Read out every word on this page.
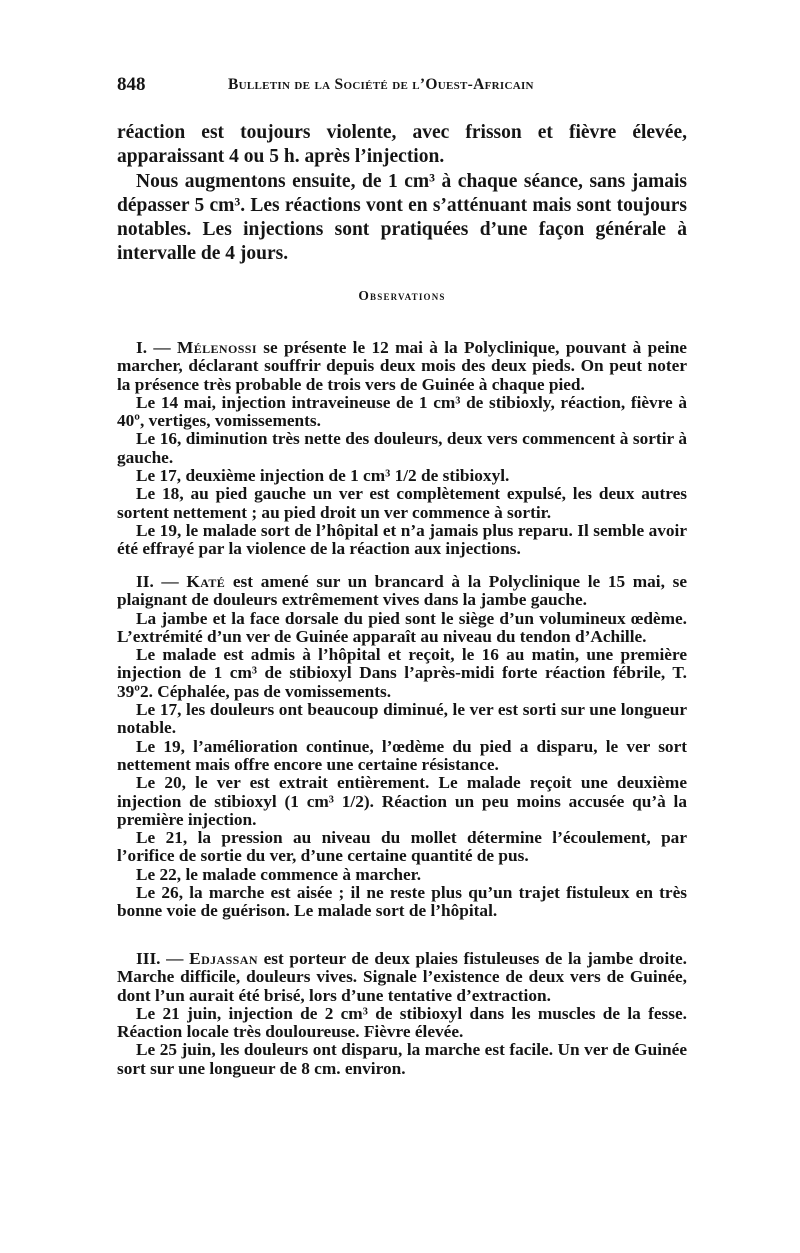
848	Bulletin de la Société de l’Ouest-Africain

réaction est toujours violente, avec frisson et fièvre élevée, apparaissant 4 ou 5 h. après l’injection.

Nous augmentons ensuite, de 1 cm³ à chaque séance, sans jamais dépasser 5 cm³. Les réactions vont en s’atténuant mais sont toujours notables. Les injections sont pratiquées d’une façon générale à intervalle de 4 jours.

Observations

I. — Mélenossi se présente le 12 mai à la Polyclinique, pouvant à peine marcher, déclarant souffrir depuis deux mois des deux pieds. On peut noter la présence très probable de trois vers de Guinée à chaque pied.

Le 14 mai, injection intraveineuse de 1 cm³ de stibioxly, réaction, fièvre à 40º, vertiges, vomissements.

Le 16, diminution très nette des douleurs, deux vers commencent à sortir à gauche.

Le 17, deuxième injection de 1 cm³ 1/2 de stibioxyl.

Le 18, au pied gauche un ver est complètement expulsé, les deux autres sortent nettement ; au pied droit un ver commence à sortir.

Le 19, le malade sort de l’hôpital et n’a jamais plus reparu. Il semble avoir été effrayé par la violence de la réaction aux injections.

II. — Katé est amené sur un brancard à la Polyclinique le 15 mai, se plaignant de douleurs extrêmement vives dans la jambe gauche.

La jambe et la face dorsale du pied sont le siège d’un volumineux œdème. L’extrémité d’un ver de Guinée apparaît au niveau du tendon d’Achille.

Le malade est admis à l’hôpital et reçoit, le 16 au matin, une première injection de 1 cm³ de stibioxyl Dans l’après-midi forte réaction fébrile, T. 39º2. Céphalée, pas de vomissements.

Le 17, les douleurs ont beaucoup diminué, le ver est sorti sur une longueur notable.

Le 19, l’amélioration continue, l’œdème du pied a disparu, le ver sort nettement mais offre encore une certaine résistance.

Le 20, le ver est extrait entièrement. Le malade reçoit une deuxième injection de stibioxyl (1 cm³ 1/2). Réaction un peu moins accusée qu’à la première injection.

Le 21, la pression au niveau du mollet détermine l’écoulement, par l’orifice de sortie du ver, d’une certaine quantité de pus.

Le 22, le malade commence à marcher.

Le 26, la marche est aisée ; il ne reste plus qu’un trajet fistuleux en très bonne voie de guérison. Le malade sort de l’hôpital.

III. — Edjassan est porteur de deux plaies fistuleuses de la jambe droite. Marche difficile, douleurs vives. Signale l’existence de deux vers de Guinée, dont l’un aurait été brisé, lors d’une tentative d’extraction.

Le 21 juin, injection de 2 cm³ de stibioxyl dans les muscles de la fesse. Réaction locale très douloureuse. Fièvre élevée.

Le 25 juin, les douleurs ont disparu, la marche est facile. Un ver de Guinée sort sur une longueur de 8 cm. environ.
